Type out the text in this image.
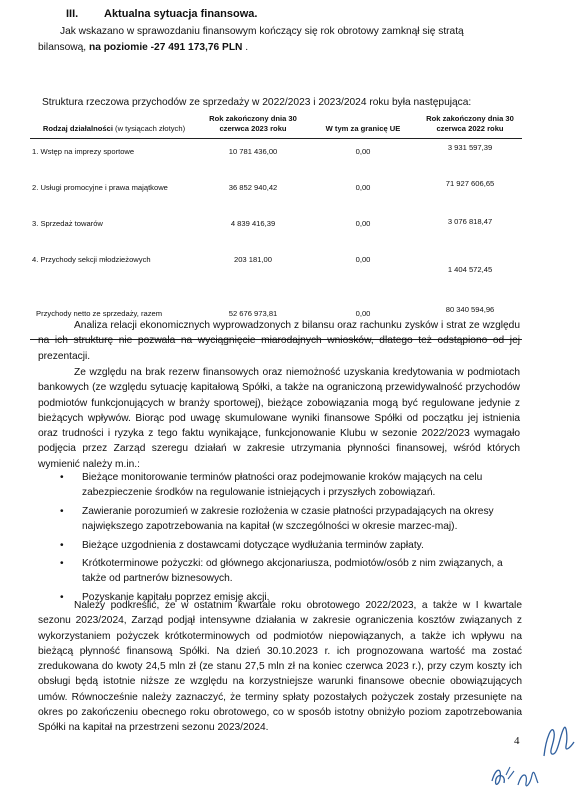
III. Aktualna sytuacja finansowa.
Jak wskazano w sprawozdaniu finansowym kończący się rok obrotowy zamknął się stratą
bilansową, na poziomie -27 491 173,76 PLN .
Struktura rzeczowa przychodów ze sprzedaży w 2022/2023 i 2023/2024 roku była następująca:
Rodzaj działalności (w tysiącach złotych)	Rok zakończony dnia 30 czerwca 2023 roku	W tym za granicę UE	Rok zakończony dnia 30 czerwca 2022 roku
1. Wstęp na imprezy sportowe	10 781 436,00	0,00	3 931 597,39
2. Usługi promocyjne i prawa majątkowe	36 852 940,42	0,00	71 927 606,65
3. Sprzedaż towarów	4 839 416,39	0,00	3 076 818,47
4. Przychody sekcji młodzieżowych	203 181,00	0,00	1 404 572,45
Przychody netto ze sprzedaży, razem	52 676 973,81	0,00	80 340 594,96
Analiza relacji ekonomicznych wyprowadzonych z bilansu oraz rachunku zysków i strat ze względu na ich strukturę nie pozwala na wyciągnięcie miarodajnych wniosków, dlatego też odstąpiono od jej prezentacji.
Ze względu na brak rezerw finansowych oraz niemożność uzyskania kredytowania w podmiotach bankowych (ze względu sytuację kapitałową Spółki, a także na ograniczoną przewidywalność przychodów podmiotów funkcjonujących w branży sportowej), bieżące zobowiązania mogą być regulowane jedynie z bieżących wpływów. Biorąc pod uwagę skumulowane wyniki finansowe Spółki od początku jej istnienia oraz trudności i ryzyka z tego faktu wynikające, funkcjonowanie Klubu w sezonie 2022/2023 wymagało podjęcia przez Zarząd szeregu działań w zakresie utrzymania płynności finansowej, wśród których wymienić należy m.in.:
• Bieżące monitorowanie terminów płatności oraz podejmowanie kroków mających na celu zabezpieczenie środków na regulowanie istniejących i przyszłych zobowiązań.
• Zawieranie porozumień w zakresie rozłożenia w czasie płatności przypadających na okresy największego zapotrzebowania na kapitał (w szczególności w okresie marzec-maj).
• Bieżące uzgodnienia z dostawcami dotyczące wydłużania terminów zapłaty.
• Krótkoterminowe pożyczki: od głównego akcjonariusza, podmiotów/osób z nim związanych, a także od partnerów biznesowych.
• Pozyskanie kapitału poprzez emisję akcji.
Należy podkreślić, że w ostatnim kwartale roku obrotowego 2022/2023, a także w I kwartale sezonu 2023/2024, Zarząd podjął intensywne działania w zakresie ograniczenia kosztów związanych z wykorzystaniem pożyczek krótkoterminowych od podmiotów niepowiązanych, a także ich wpływu na bieżącą płynność finansową Spółki. Na dzień 30.10.2023 r. ich prognozowana wartość ma zostać zredukowana do kwoty 24,5 mln zł (ze stanu 27,5 mln zł na koniec czerwca 2023 r.), przy czym koszty ich obsługi będą istotnie niższe ze względu na korzystniejsze warunki finansowe obecnie obowiązujących umów. Równocześnie należy zaznaczyć, że terminy spłaty pozostałych pożyczek zostały przesunięte na okres po zakończeniu obecnego roku obrotowego, co w sposób istotny obniżyło poziom zapotrzebowania Spółki na kapitał na przestrzeni sezonu 2023/2024.
4
